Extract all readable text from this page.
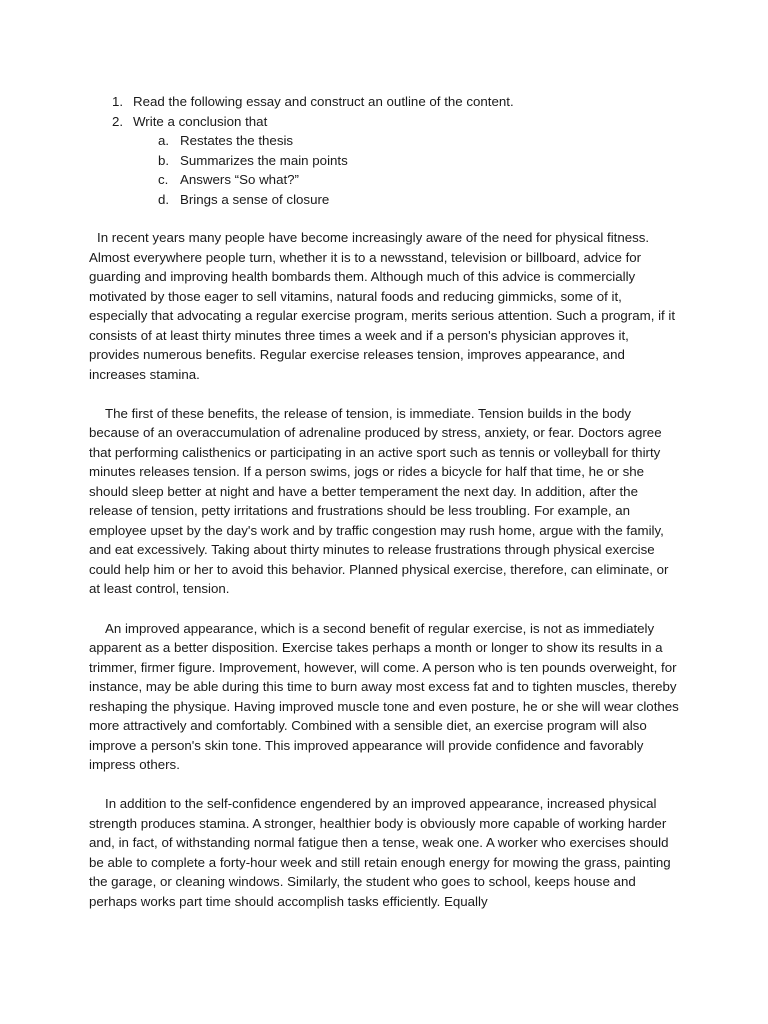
1. Read the following essay and construct an outline of the content.
2. Write a conclusion that
a. Restates the thesis
b. Summarizes the main points
c. Answers “So what?”
d. Brings a sense of closure

In recent years many people have become increasingly aware of the need for physical fitness. Almost everywhere people turn, whether it is to a newsstand, television or billboard, advice for guarding and improving health bombards them. Although much of this advice is commercially motivated by those eager to sell vitamins, natural foods and reducing gimmicks, some of it, especially that advocating a regular exercise program, merits serious attention. Such a program, if it consists of at least thirty minutes three times a week and if a person's physician approves it, provides numerous benefits. Regular exercise releases tension, improves appearance, and increases stamina.

The first of these benefits, the release of tension, is immediate. Tension builds in the body because of an overaccumulation of adrenaline produced by stress, anxiety, or fear. Doctors agree that performing calisthenics or participating in an active sport such as tennis or volleyball for thirty minutes releases tension. If a person swims, jogs or rides a bicycle for half that time, he or she should sleep better at night and have a better temperament the next day. In addition, after the release of tension, petty irritations and frustrations should be less troubling. For example, an employee upset by the day's work and by traffic congestion may rush home, argue with the family, and eat excessively. Taking about thirty minutes to release frustrations through physical exercise could help him or her to avoid this behavior. Planned physical exercise, therefore, can eliminate, or at least control, tension.

An improved appearance, which is a second benefit of regular exercise, is not as immediately apparent as a better disposition. Exercise takes perhaps a month or longer to show its results in a trimmer, firmer figure. Improvement, however, will come. A person who is ten pounds overweight, for instance, may be able during this time to burn away most excess fat and to tighten muscles, thereby reshaping the physique. Having improved muscle tone and even posture, he or she will wear clothes more attractively and comfortably. Combined with a sensible diet, an exercise program will also improve a person's skin tone. This improved appearance will provide confidence and favorably impress others.

In addition to the self-confidence engendered by an improved appearance, increased physical strength produces stamina. A stronger, healthier body is obviously more capable of working harder and, in fact, of withstanding normal fatigue then a tense, weak one. A worker who exercises should be able to complete a forty-hour week and still retain enough energy for mowing the grass, painting the garage, or cleaning windows. Similarly, the student who goes to school, keeps house and perhaps works part time should accomplish tasks efficiently. Equally
